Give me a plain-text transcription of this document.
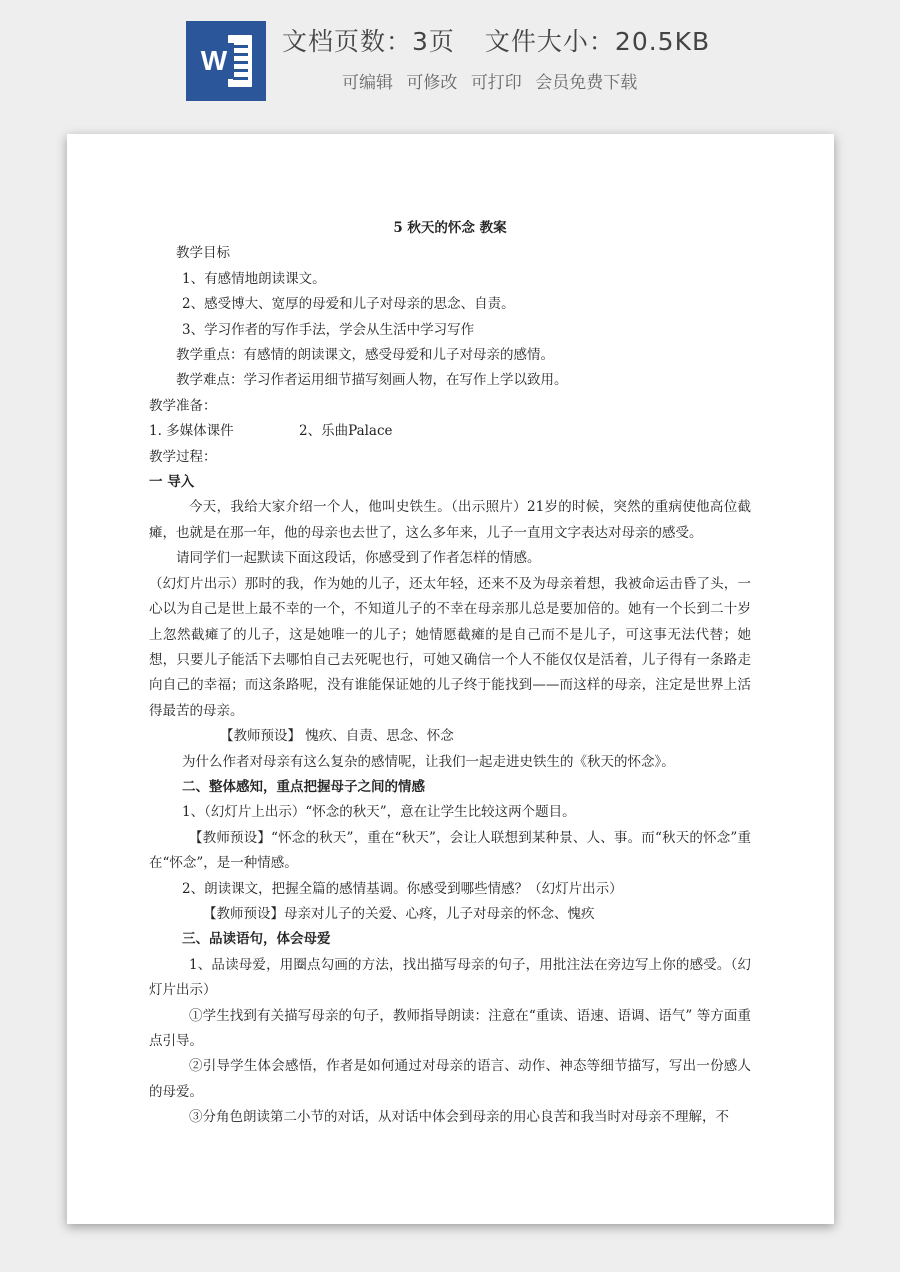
W
文档页数：3页 文件大小：20.5KB
可编辑 可修改 可打印 会员免费下载

5 秋天的怀念 教案

教学目标

1、有感情地朗读课文。

2、感受博大、宽厚的母爱和儿子对母亲的思念、自责。

3、学习作者的写作手法，学会从生活中学习写作

教学重点：有感情的朗读课文，感受母爱和儿子对母亲的感情。

教学难点：学习作者运用细节描写刻画人物，在写作上学以致用。

教学准备：

1. 多媒体课件	2、乐曲Palace

教学过程：

一 导入

今天，我给大家介绍一个人，他叫史铁生。（出示照片）21岁的时候，突然的重病使他高位截瘫，也就是在那一年，他的母亲也去世了，这么多年来，儿子一直用文字表达对母亲的感受。

请同学们一起默读下面这段话，你感受到了作者怎样的情感。

（幻灯片出示）那时的我，作为她的儿子，还太年轻，还来不及为母亲着想，我被命运击昏了头，一心以为自己是世上最不幸的一个，不知道儿子的不幸在母亲那儿总是要加倍的。她有一个长到二十岁上忽然截瘫了的儿子，这是她唯一的儿子；她情愿截瘫的是自己而不是儿子，可这事无法代替；她想，只要儿子能活下去哪怕自己去死呢也行，可她又确信一个人不能仅仅是活着，儿子得有一条路走向自己的幸福；而这条路呢，没有谁能保证她的儿子终于能找到——而这样的母亲，注定是世界上活得最苦的母亲。

【教师预设】 愧疚、自责、思念、怀念

为什么作者对母亲有这么复杂的感情呢，让我们一起走进史铁生的《秋天的怀念》。

二、整体感知，重点把握母子之间的情感

1、（幻灯片上出示）“怀念的秋天”，意在让学生比较这两个题目。

【教师预设】“怀念的秋天”，重在“秋天”，会让人联想到某种景、人、事。而“秋天的怀念”重在“怀念”，是一种情感。

2、朗读课文，把握全篇的感情基调。你感受到哪些情感？（幻灯片出示）

【教师预设】母亲对儿子的关爱、心疼，儿子对母亲的怀念、愧疚

三、品读语句，体会母爱

1、品读母爱，用圈点勾画的方法，找出描写母亲的句子，用批注法在旁边写上你的感受。（幻灯片出示）

①学生找到有关描写母亲的句子，教师指导朗读：注意在“重读、语速、语调、语气” 等方面重点引导。

②引导学生体会感悟，作者是如何通过对母亲的语言、动作、神态等细节描写，写出一份感人的母爱。

③分角色朗读第二小节的对话，从对话中体会到母亲的用心良苦和我当时对母亲不理解，不
